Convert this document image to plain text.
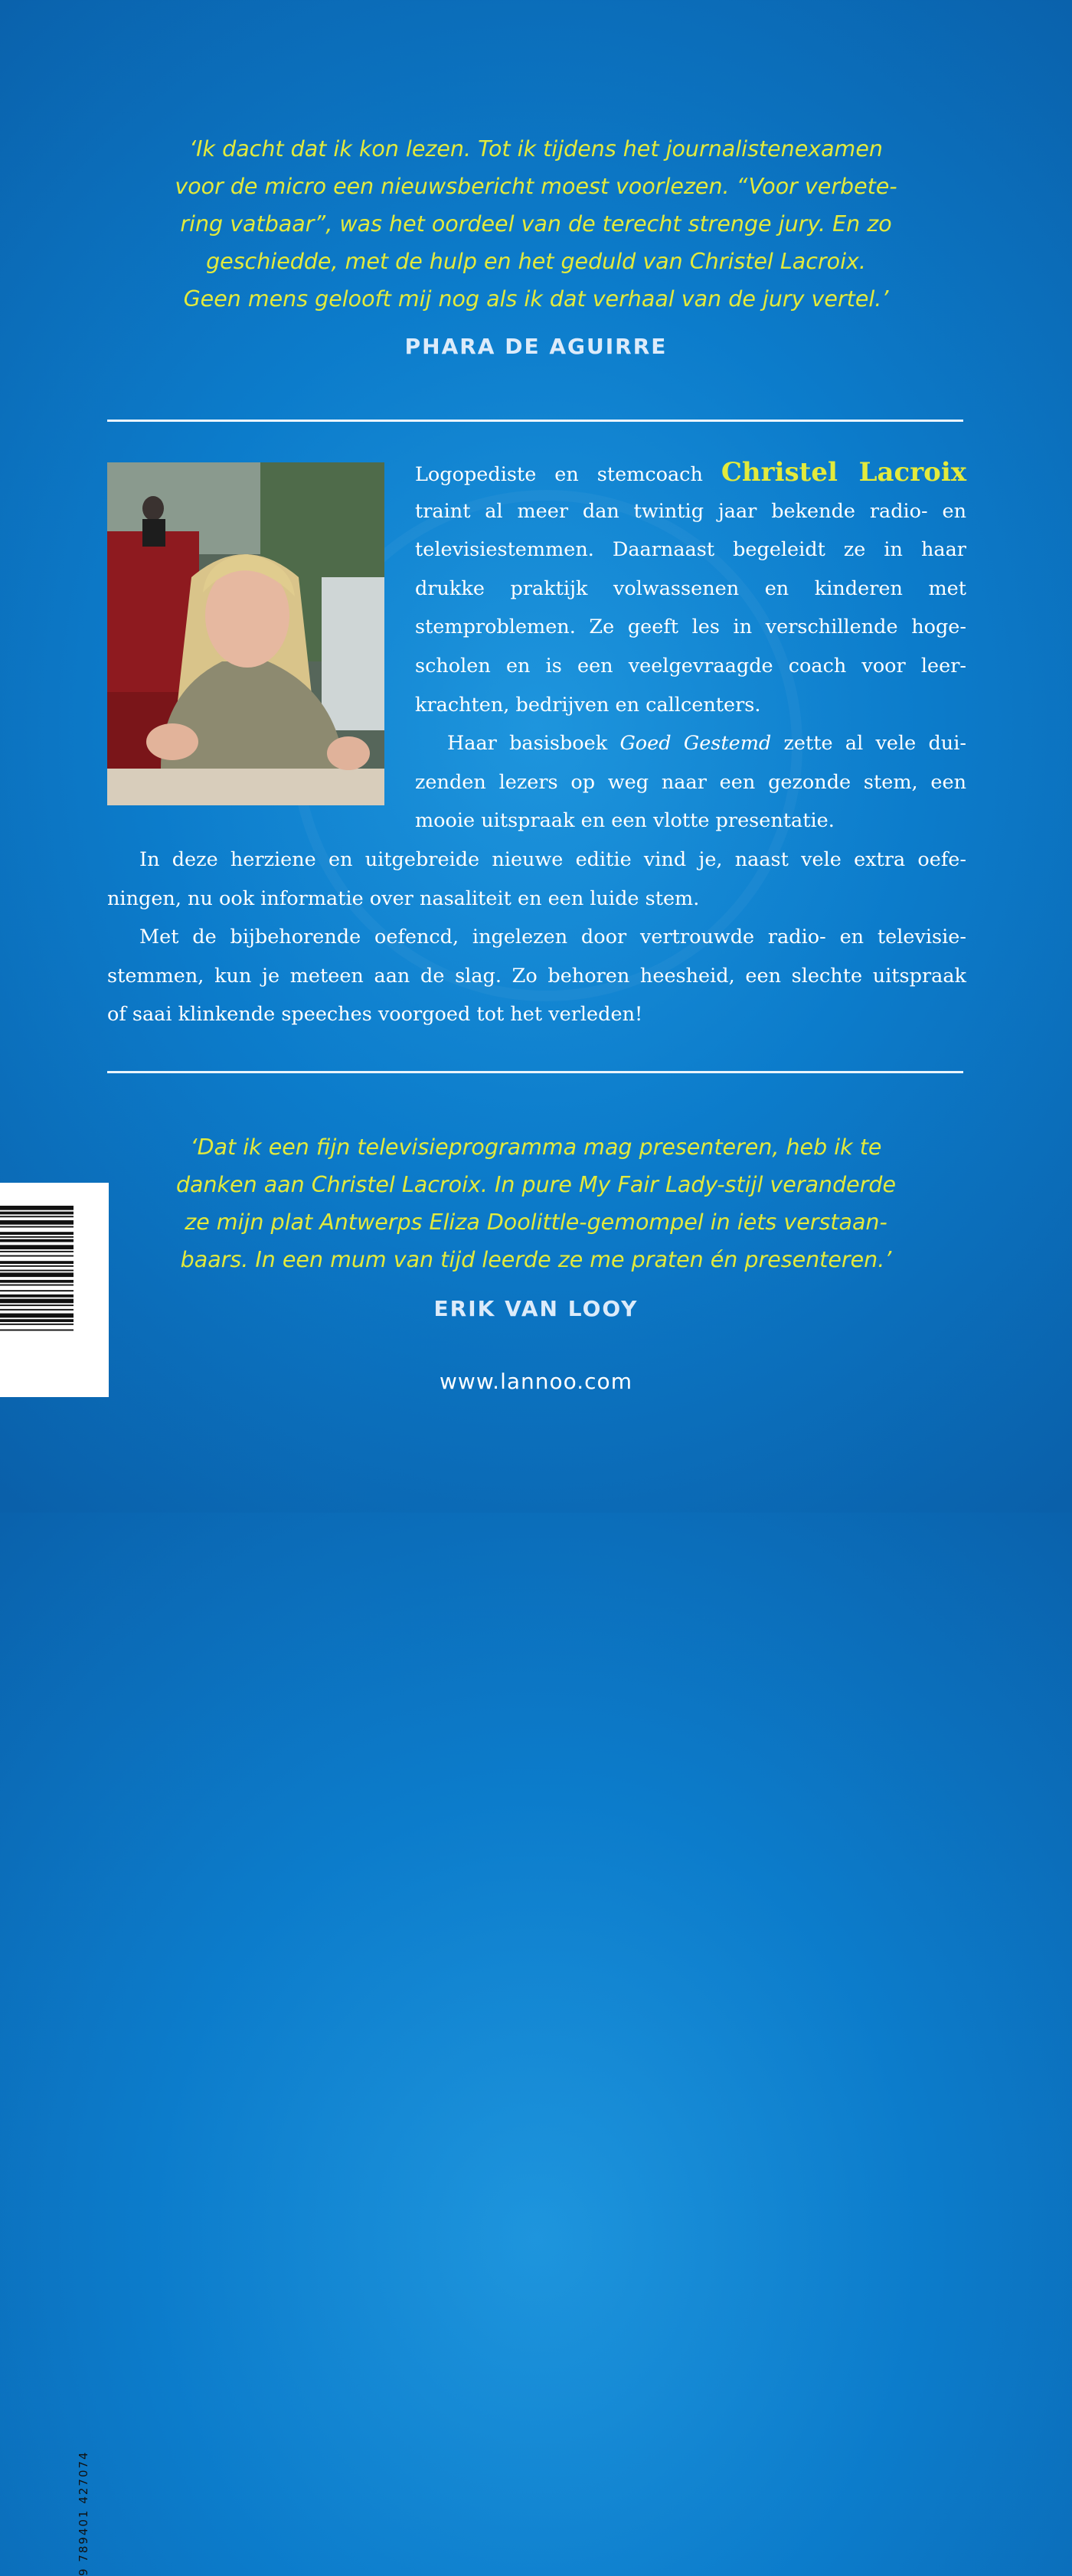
‘Ik dacht dat ik kon lezen. Tot ik tijdens het journalistenexamen
voor de micro een nieuwsbericht moest voorlezen. “Voor verbete-
ring vatbaar”, was het oordeel van de terecht strenge jury. En zo
geschiedde, met de hulp en het geduld van Christel Lacroix.
Geen mens gelooft mij nog als ik dat verhaal van de jury vertel.’

PHARA DE AGUIRRE

Logopediste en stemcoach Christel Lacroix
traint al meer dan twintig jaar bekende radio- en
televisiestemmen. Daarnaast begeleidt ze in haar
drukke praktijk volwassenen en kinderen met
stemproblemen. Ze geeft les in verschillende hoge-
scholen en is een veelgevraagde coach voor leer-
krachten, bedrijven en callcenters.
Haar basisboek Goed Gestemd zette al vele dui-
zenden lezers op weg naar een gezonde stem, een
mooie uitspraak en een vlotte presentatie.

In deze herziene en uitgebreide nieuwe editie vind je, naast vele extra oefe-
ningen, nu ook informatie over nasaliteit en een luide stem.
Met de bijbehorende oefencd, ingelezen door vertrouwde radio- en televisie-
stemmen, kun je meteen aan de slag. Zo behoren heesheid, een slechte uitspraak
of saai klinkende speeches voorgoed tot het verleden!

‘Dat ik een fijn televisieprogramma mag presenteren, heb ik te
danken aan Christel Lacroix. In pure My Fair Lady-stijl veranderde
ze mijn plat Antwerps Eliza Doolittle-gemompel in iets verstaan-
baars. In een mum van tijd leerde ze me praten én presenteren.’

ERIK VAN LOOY

9 789401 427074
www.lannoo.com
